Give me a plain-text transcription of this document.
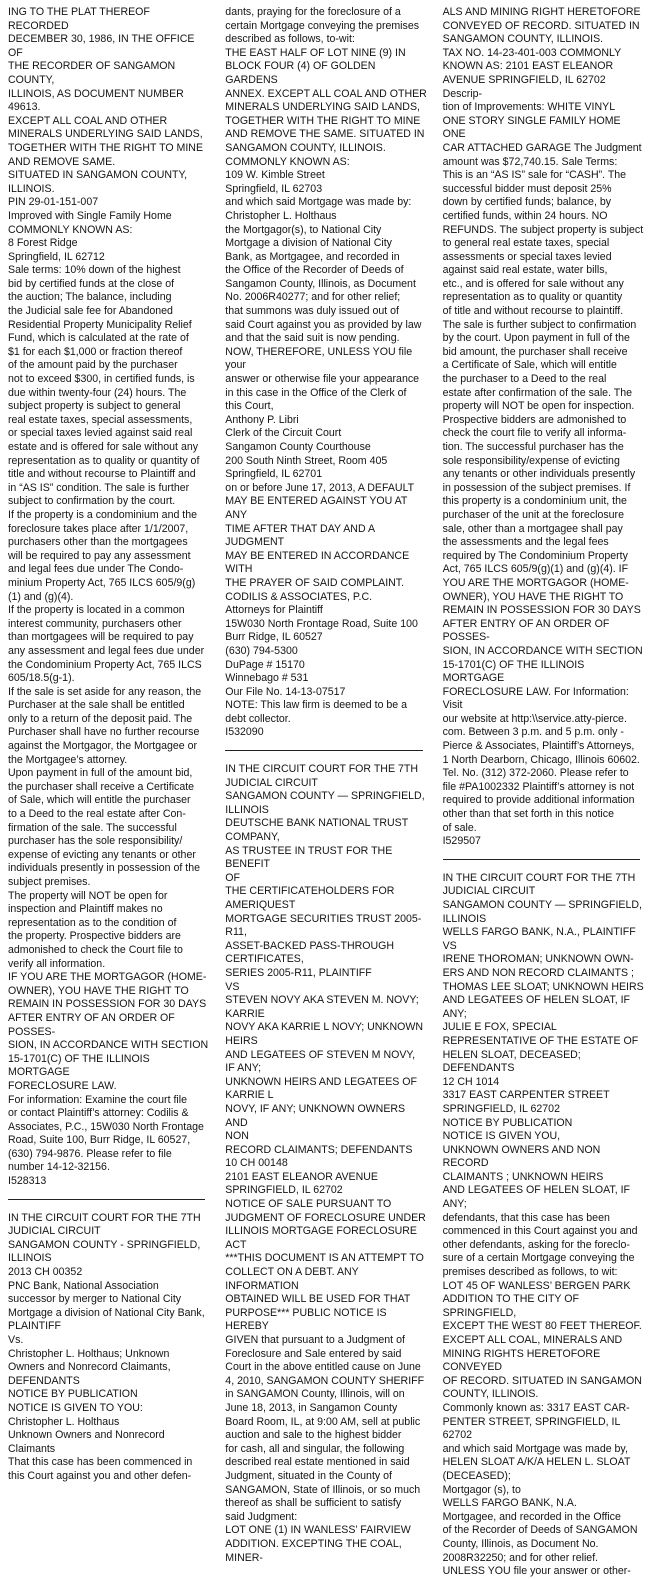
ING TO THE PLAT THEREOF RECORDED

DECEMBER 30, 1986, IN THE OFFICE OF

THE RECORDER OF SANGAMON COUNTY,

ILLINOIS, AS DOCUMENT NUMBER

49613.

EXCEPT ALL COAL AND OTHER

MINERALS UNDERLYING SAID LANDS,

TOGETHER WITH THE RIGHT TO MINE

AND REMOVE SAME.

SITUATED IN SANGAMON COUNTY,

ILLINOIS.

PIN 29-01-151-007

Improved with Single Family Home

COMMONLY KNOWN AS:

8 Forest Ridge

Springfield, IL 62712

Sale terms: 10% down of the highest

bid by certified funds at the close of

the auction; The balance, including

the Judicial sale fee for Abandoned

Residential Property Municipality Relief

Fund, which is calculated at the rate of

$1 for each $1,000 or fraction thereof

of the amount paid by the purchaser

not to exceed $300, in certified funds, is

due within twenty-four (24) hours. The

subject property is subject to general

real estate taxes, special assessments,

or special taxes levied against said real

estate and is offered for sale without any

representation as to quality or quantity of

title and without recourse to Plaintiff and

in “AS IS” condition. The sale is further

subject to confirmation by the court.

If the property is a condominium and the

foreclosure takes place after 1/1/2007,

purchasers other than the mortgagees

will be required to pay any assessment

and legal fees due under The Condo-

minium Property Act, 765 ILCS 605/9(g)

(1) and (g)(4).

If the property is located in a common

interest community, purchasers other

than mortgagees will be required to pay

any assessment and legal fees due under

the Condominium Property Act, 765 ILCS

605/18.5(g-1).

If the sale is set aside for any reason, the

Purchaser at the sale shall be entitled

only to a return of the deposit paid. The

Purchaser shall have no further recourse

against the Mortgagor, the Mortgagee or

the Mortgagee’s attorney.

Upon payment in full of the amount bid,

the purchaser shall receive a Certificate

of Sale, which will entitle the purchaser

to a Deed to the real estate after Con-

firmation of the sale. The successful

purchaser has the sole responsibility/

expense of evicting any tenants or other

individuals presently in possession of the

subject premises.

The property will NOT be open for

inspection and Plaintiff makes no

representation as to the condition of

the property. Prospective bidders are

admonished to check the Court file to

verify all information.

IF YOU ARE THE MORTGAGOR (HOME-

OWNER), YOU HAVE THE RIGHT TO

REMAIN IN POSSESSION FOR 30 DAYS

AFTER ENTRY OF AN ORDER OF POSSES-

SION, IN ACCORDANCE WITH SECTION

15-1701(C) OF THE ILLINOIS MORTGAGE

FORECLOSURE LAW.

For information: Examine the court file

or contact Plaintiff’s attorney: Codilis &

Associates, P.C., 15W030 North Frontage

Road, Suite 100, Burr Ridge, IL 60527,

(630) 794-9876. Please refer to file

number 14-12-32156.

I528313

IN THE CIRCUIT COURT FOR THE 7TH

JUDICIAL CIRCUIT

SANGAMON COUNTY - SPRINGFIELD,

ILLINOIS

2013 CH 00352

PNC Bank, National Association

successor by merger to National City

Mortgage a division of National City Bank,

PLAINTIFF

Vs.

Christopher L. Holthaus; Unknown

Owners and Nonrecord Claimants,

DEFENDANTS

NOTICE BY PUBLICATION

NOTICE IS GIVEN TO YOU:

Christopher L. Holthaus

Unknown Owners and Nonrecord

Claimants

That this case has been commenced in

this Court against you and other defen-

dants, praying for the foreclosure of a

certain Mortgage conveying the premises

described as follows, to-wit:

THE EAST HALF OF LOT NINE (9) IN

BLOCK FOUR (4) OF GOLDEN GARDENS

ANNEX. EXCEPT ALL COAL AND OTHER

MINERALS UNDERLYING SAID LANDS,

TOGETHER WITH THE RIGHT TO MINE

AND REMOVE THE SAME. SITUATED IN

SANGAMON COUNTY, ILLINOIS.

COMMONLY KNOWN AS:

109 W. Kimble Street

Springfield, IL 62703

and which said Mortgage was made by:

Christopher L. Holthaus

the Mortgagor(s), to National City

Mortgage a division of National City

Bank, as Mortgagee, and recorded in

the Office of the Recorder of Deeds of

Sangamon County, Illinois, as Document

No. 2006R40277; and for other relief;

that summons was duly issued out of

said Court against you as provided by law

and that the said suit is now pending.

NOW, THEREFORE, UNLESS YOU file your

answer or otherwise file your appearance

in this case in the Office of the Clerk of

this Court,

Anthony P. Libri

Clerk of the Circuit Court

Sangamon County Courthouse

200 South Ninth Street, Room 405

Springfield, IL 62701

on or before June 17, 2013, A DEFAULT

MAY BE ENTERED AGAINST YOU AT ANY

TIME AFTER THAT DAY AND A JUDGMENT

MAY BE ENTERED IN ACCORDANCE WITH

THE PRAYER OF SAID COMPLAINT.

CODILIS & ASSOCIATES, P.C.

Attorneys for Plaintiff

15W030 North Frontage Road, Suite 100

Burr Ridge, IL 60527

(630) 794-5300

DuPage # 15170

Winnebago # 531

Our File No. 14-13-07517

NOTE: This law firm is deemed to be a

debt collector.

I532090

IN THE CIRCUIT COURT FOR THE 7TH

JUDICIAL CIRCUIT

SANGAMON COUNTY — SPRINGFIELD,

ILLINOIS

DEUTSCHE BANK NATIONAL TRUST

COMPANY,

AS TRUSTEE IN TRUST FOR THE BENEFIT

OF

THE CERTIFICATEHOLDERS FOR

AMERIQUEST

MORTGAGE SECURITIES TRUST 2005-

R11,

ASSET-BACKED PASS-THROUGH

CERTIFICATES,

SERIES 2005-R11, PLAINTIFF

VS

STEVEN NOVY AKA STEVEN M. NOVY;

KARRIE

NOVY AKA KARRIE L NOVY; UNKNOWN

HEIRS

AND LEGATEES OF STEVEN M NOVY,

IF ANY;

UNKNOWN HEIRS AND LEGATEES OF

KARRIE L

NOVY, IF ANY; UNKNOWN OWNERS AND

NON

RECORD CLAIMANTS; DEFENDANTS

10 CH 00148

2101 EAST ELEANOR AVENUE

SPRINGFIELD, IL 62702

NOTICE OF SALE PURSUANT TO

JUDGMENT OF FORECLOSURE UNDER

ILLINOIS MORTGAGE FORECLOSURE ACT

***THIS DOCUMENT IS AN ATTEMPT TO

COLLECT ON A DEBT. ANY INFORMATION

OBTAINED WILL BE USED FOR THAT

PURPOSE*** PUBLIC NOTICE IS HEREBY

GIVEN that pursuant to a Judgment of

Foreclosure and Sale entered by said

Court in the above entitled cause on June

4, 2010, SANGAMON COUNTY SHERIFF

in SANGAMON County, Illinois, will on

June 18, 2013, in Sangamon County

Board Room, IL, at 9:00 AM, sell at public

auction and sale to the highest bidder

for cash, all and singular, the following

described real estate mentioned in said

Judgment, situated in the County of

SANGAMON, State of Illinois, or so much

thereof as shall be sufficient to satisfy

said Judgment:

LOT ONE (1) IN WANLESS’ FAIRVIEW

ADDITION. EXCEPTING THE COAL, MINER-

ALS AND MINING RIGHT HERETOFORE

CONVEYED OF RECORD. SITUATED IN

SANGAMON COUNTY, ILLINOIS.

TAX NO. 14-23-401-003 COMMONLY

KNOWN AS: 2101 EAST ELEANOR

AVENUE SPRINGFIELD, IL 62702 Descrip-

tion of Improvements: WHITE VINYL

ONE STORY SINGLE FAMILY HOME ONE

CAR ATTACHED GARAGE The Judgment

amount was $72,740.15. Sale Terms:

This is an “AS IS” sale for “CASH”. The

successful bidder must deposit 25%

down by certified funds; balance, by

certified funds, within 24 hours. NO

REFUNDS. The subject property is subject

to general real estate taxes, special

assessments or special taxes levied

against said real estate, water bills,

etc., and is offered for sale without any

representation as to quality or quantity

of title and without recourse to plaintiff.

The sale is further subject to confirmation

by the court. Upon payment in full of the

bid amount, the purchaser shall receive

a Certificate of Sale, which will entitle

the purchaser to a Deed to the real

estate after confirmation of the sale. The

property will NOT be open for inspection.

Prospective bidders are admonished to

check the court file to verify all informa-

tion. The successful purchaser has the

sole responsibility/expense of evicting

any tenants or other individuals presently

in possession of the subject premises. If

this property is a condominium unit, the

purchaser of the unit at the foreclosure

sale, other than a mortgagee shall pay

the assessments and the legal fees

required by The Condominium Property

Act, 765 ILCS 605/9(g)(1) and (g)(4). IF

YOU ARE THE MORTGAGOR (HOME-

OWNER), YOU HAVE THE RIGHT TO

REMAIN IN POSSESSION FOR 30 DAYS

AFTER ENTRY OF AN ORDER OF POSSES-

SION, IN ACCORDANCE WITH SECTION

15-1701(C) OF THE ILLINOIS MORTGAGE

FORECLOSURE LAW. For Information: Visit

our website at http:\\service.atty-pierce.

com. Between 3 p.m. and 5 p.m. only -

Pierce & Associates, Plaintiff’s Attorneys,

1 North Dearborn, Chicago, Illinois 60602.

Tel. No. (312) 372-2060. Please refer to

file #PA1002332 Plaintiff’s attorney is not

required to provide additional information

other than that set forth in this notice

of sale.

I529507

IN THE CIRCUIT COURT FOR THE 7TH

JUDICIAL CIRCUIT

SANGAMON COUNTY — SPRINGFIELD,

ILLINOIS

WELLS FARGO BANK, N.A., PLAINTIFF

VS

IRENE THOROMAN; UNKNOWN OWN-

ERS AND NON RECORD CLAIMANTS ;

THOMAS LEE SLOAT; UNKNOWN HEIRS

AND LEGATEES OF HELEN SLOAT, IF ANY;

JULIE E FOX, SPECIAL

REPRESENTATIVE OF THE ESTATE OF

HELEN SLOAT, DECEASED; DEFENDANTS

12 CH 1014

3317 EAST CARPENTER STREET

SPRINGFIELD, IL 62702

NOTICE BY PUBLICATION

NOTICE IS GIVEN YOU,

UNKNOWN OWNERS AND NON RECORD

CLAIMANTS ; UNKNOWN HEIRS

AND LEGATEES OF HELEN SLOAT, IF ANY;

defendants, that this case has been

commenced in this Court against you and

other defendants, asking for the foreclo-

sure of a certain Mortgage conveying the

premises described as follows, to wit:

LOT 45 OF WANLESS’ BERGEN PARK

ADDITION TO THE CITY OF SPRINGFIELD,

EXCEPT THE WEST 80 FEET THEREOF.

EXCEPT ALL COAL, MINERALS AND

MINING RIGHTS HERETOFORE CONVEYED

OF RECORD. SITUATED IN SANGAMON

COUNTY, ILLINOIS.

Commonly known as: 3317 EAST CAR-

PENTER STREET, SPRINGFIELD, IL 62702

and which said Mortgage was made by,

HELEN SLOAT A/K/A HELEN L. SLOAT

(DECEASED);

Mortgagor (s), to

WELLS FARGO BANK, N.A.

Mortgagee, and recorded in the Office

of the Recorder of Deeds of SANGAMON

County, Illinois, as Document No.

2008R32250; and for other relief.

UNLESS YOU file your answer or other-
